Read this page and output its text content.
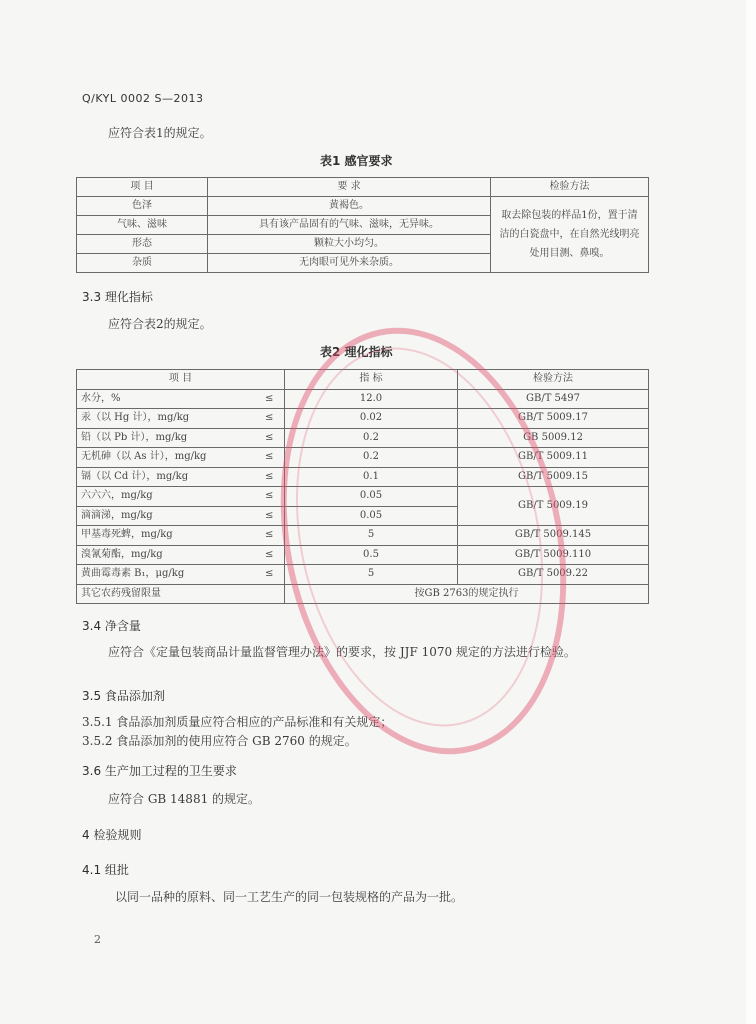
Q/KYL 0002 S—2013
应符合表1的规定。
表1 感官要求
项 目	要 求	检验方法
色泽	黄褐色。	取去除包装的样品1份，置于清洁的白瓷盘中，在自然光线明亮处用目测、鼻嗅。
气味、滋味	具有该产品固有的气味、滋味，无异味。	
形态	颗粒大小均匀。	
杂质	无肉眼可见外来杂质。	
3.3 理化指标
应符合表2的规定。
表2 理化指标
项 目		指 标	检验方法
水分，%	≤	12.0	GB/T 5497
汞（以 Hg 计），mg/kg	≤	0.02	GB/T 5009.17
铅（以 Pb 计），mg/kg	≤	0.2	GB 5009.12
无机砷（以 As 计），mg/kg	≤	0.2	GB/T 5009.11
镉（以 Cd 计），mg/kg	≤	0.1	GB/T 5009.15
六六六，mg/kg	≤	0.05	GB/T 5009.19
滴滴涕，mg/kg	≤	0.05	
甲基毒死蜱，mg/kg	≤	5	GB/T 5009.145
溴氰菊酯，mg/kg	≤	0.5	GB/T 5009.110
黄曲霉毒素 B₁，μg/kg	≤	5	GB/T 5009.22
其它农药残留限量		按GB 2763的规定执行	
3.4 净含量
应符合《定量包装商品计量监督管理办法》的要求，按 JJF 1070 规定的方法进行检验。
3.5 食品添加剂
3.5.1 食品添加剂质量应符合相应的产品标准和有关规定；
3.5.2 食品添加剂的使用应符合 GB 2760 的规定。
3.6 生产加工过程的卫生要求
应符合 GB 14881 的规定。
4 检验规则
4.1 组批
以同一品种的原料、同一工艺生产的同一包装规格的产品为一批。
2
